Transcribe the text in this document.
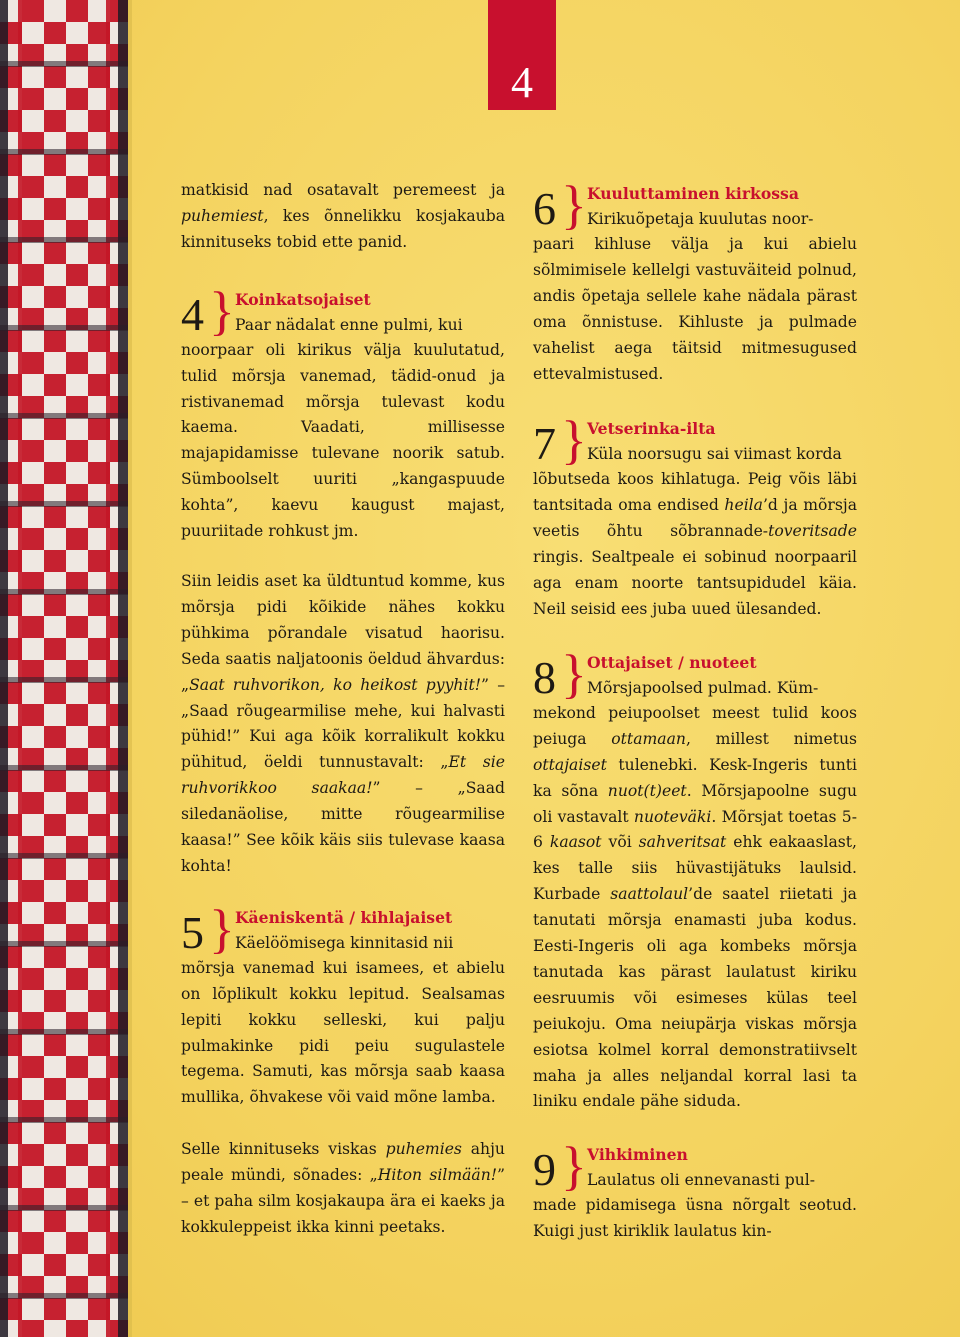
4

matkisid nad osatavalt peremeest ja puhemiest, kes õnnelikku kosjakauba kinnituseks tobid ette panid.

4 } Koinkatsojaiset
Paar nädalat enne pulmi, kui

noorpaar oli kirikus välja kuulutatud, tulid mõrsja vanemad, tädid-onud ja ristivanemad mõrsja tulevast kodu kaema. Vaadati, millisesse majapidamisse tulevane noorik satub. Sümboolselt uuriti „kangaspuude kohta”, kaevu kaugust majast, puuriitade rohkust jm.

Siin leidis aset ka üldtuntud komme, kus mõrsja pidi kõikide nähes kokku pühkima põrandale visatud haorisu. Seda saatis naljatoonis öeldud ähvardus: „Saat ruhvorikon, ko heikost pyyhit!” – „Saad rõugearmilise mehe, kui halvasti pühid!” Kui aga kõik korralikult kokku pühitud, öeldi tunnustavalt: „Et sie ruhvorikkoo saakaa!” – „Saad siledanäolise, mitte rõugearmilise kaasa!” See kõik käis siis tulevase kaasa kohta!

5 } Käeniskentä / kihlajaiset
Käelöömisega kinnitasid nii

mõrsja vanemad kui isamees, et abielu on lõplikult kokku lepitud. Sealsamas lepiti kokku selleski, kui palju pulmakinke pidi peiu sugulastele tegema. Samuti, kas mõrsja saab kaasa mullika, õhvakese või vaid mõne lamba.

Selle kinnituseks viskas puhemies ahju peale mündi, sõnades: „Hiton silmään!” – et paha silm kosjakaupa ära ei kaeks ja kokkuleppeist ikka kinni peetaks.

6 } Kuuluttaminen kirkossa
Kirikuõpetaja kuulutas noor-

paari kihluse välja ja kui abielu sõlmimisele kellelgi vastuväiteid polnud, andis õpetaja sellele kahe nädala pärast oma õnnistuse. Kihluste ja pulmade vahelist aega täitsid mitmesugused ettevalmistused.

7 } Vetserinka-ilta
Küla noorsugu sai viimast korda

lõbutseda koos kihlatuga. Peig võis läbi tantsitada oma endised heila’d ja mõrsja veetis õhtu sõbrannade-toveritsade ringis. Sealtpeale ei sobinud noorpaaril aga enam noorte tantsupidudel käia. Neil seisid ees juba uued ülesanded.

8 } Ottajaiset / nuoteet
Mõrsjapoolsed pulmad. Küm-

mekond peiupoolset meest tulid koos peiuga ottamaan, millest nimetus ottajaiset tulenebki. Kesk-Ingeris tunti ka sõna nuot(t)eet. Mõrsjapoolne sugu oli vastavalt nuoteväki. Mõrsjat toetas 5-6 kaasot või sahveritsat ehk eakaaslast, kes talle siis hüvastijätuks laulsid. Kurbade saattolaul’de saatel riietati ja tanutati mõrsja enamasti juba kodus. Eesti-Ingeris oli aga kombeks mõrsja tanutada kas pärast laulatust kiriku eesruumis või esimeses külas teel peiukoju. Oma neiupärja viskas mõrsja esiotsa kolmel korral demonstratiivselt maha ja alles neljandal korral lasi ta liniku endale pähe siduda.

9 } Vihkiminen
Laulatus oli ennevanasti pul-

made pidamisega üsna nõrgalt seotud. Kuigi just kiriklik laulatus kin-
